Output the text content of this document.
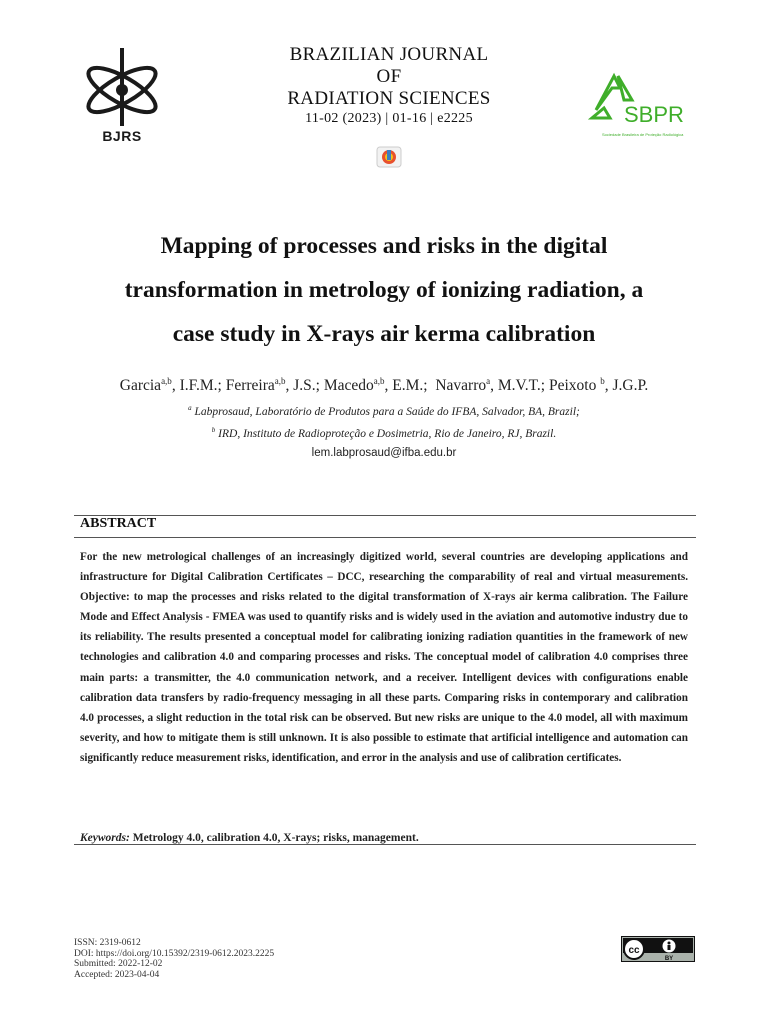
BJRS
BRAZILIAN JOURNAL
OF
RADIATION SCIENCES
11-02 (2023) | 01-16 | e2225	SBPR
Sociedade Brasileira de Proteção Radiológica
Mapping of processes and risks in the digital
transformation in metrology of ionizing radiation, a
case study in X-rays air kerma calibration
Garcia$^{a,b}$, I.F.M.; Ferreira$^{a,b}$, J.S.; Macedo$^{a,b}$, E.M.; Navarro$^a$, M.V.T.; Peixoto $^b$, J.G.P.
$^a$ Labprosaud, Laboratório de Produtos para a Saúde do IFBA, Salvador, BA, Brazil;
$^b$ IRD, Instituto de Radioproteção e Dosimetria, Rio de Janeiro, RJ, Brazil.
lem.labprosaud@ifba.edu.br
ABSTRACT
For the new metrological challenges of an increasingly digitized world, several countries are developing applications and infrastructure for Digital Calibration Certificates – DCC, researching the comparability of real and virtual measurements. Objective: to map the processes and risks related to the digital transformation of X-rays air kerma calibration. The Failure Mode and Effect Analysis - FMEA was used to quantify risks and is widely used in the aviation and automotive industry due to its reliability. The results presented a conceptual model for calibrating ionizing radiation quantities in the framework of new technologies and calibration 4.0 and comparing processes and risks. The conceptual model of calibration 4.0 comprises three main parts: a transmitter, the 4.0 communication network, and a receiver. Intelligent devices with configurations enable calibration data transfers by radio-frequency messaging in all these parts. Comparing risks in contemporary and calibration 4.0 processes, a slight reduction in the total risk can be observed. But new risks are unique to the 4.0 model, all with maximum severity, and how to mitigate them is still unknown. It is also possible to estimate that artificial intelligence and automation can significantly reduce measurement risks, identification, and error in the analysis and use of calibration certificates.
Keywords: Metrology 4.0, calibration 4.0, X-rays; risks, management.
ISSN: 2319-0612
DOI: https://doi.org/10.15392/2319-0612.2023.2225
Submitted: 2022-12-02
Accepted: 2023-04-04
cc
BY
